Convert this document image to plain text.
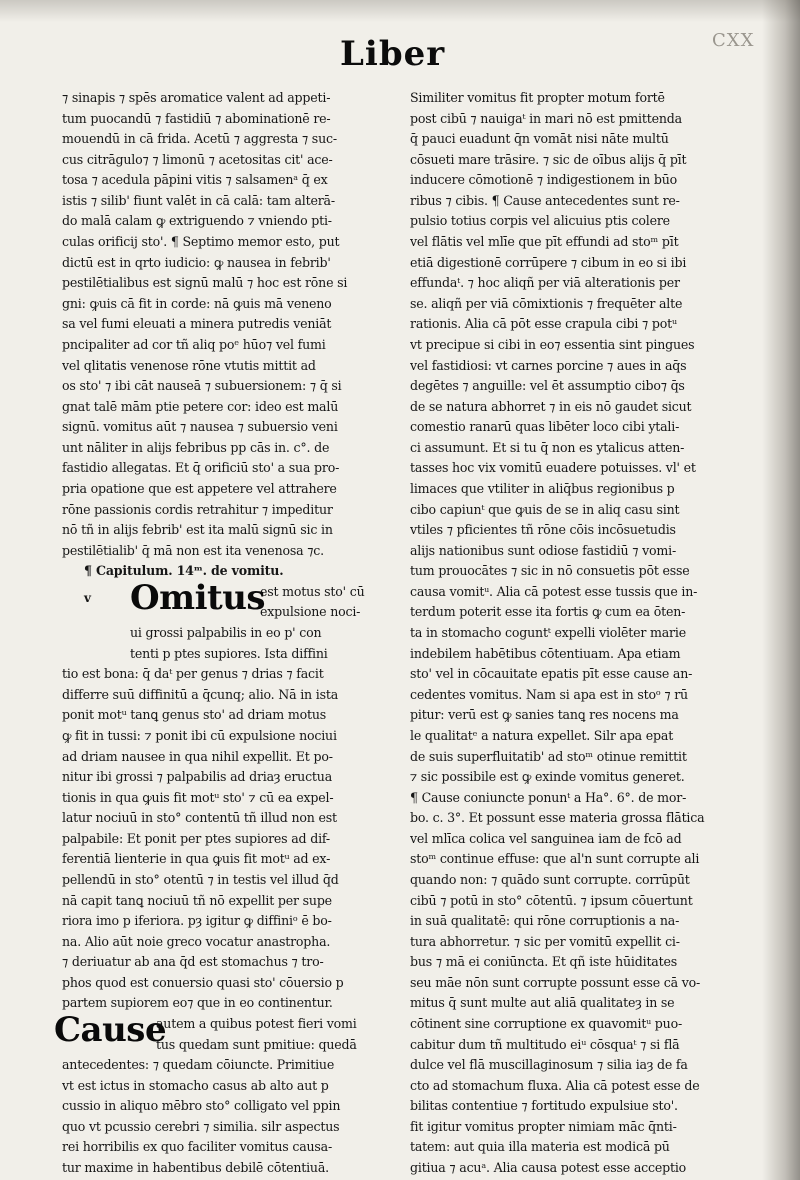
CXX
Liber
⁊ sinapis ⁊ spēs aromatice valent ad appeti-
tum puocandū ⁊ fastidiū ⁊ abominationē re-
mouendū in cā frida. Acetū ⁊ aggresta ⁊ suc-
cus citrāgulo⁊ ⁊ limonū ⁊ acetositas cit' ace-
tosa ⁊ acedula pāpini vitis ⁊ salsamenᵃ q̄ ex
istis ⁊ silib' fiunt valēt in cā calā: tam alterā-
do malā calam ꝙ extriguendo ⁊ vniendo pti-
culas orificij sto'. ¶ Septimo memor esto, put
dictū est in qrto iudicio: ꝙ nausea in febrib'
pestilētialibus est signū malū ⁊ hoc est rōne si
gni: ꝙuis cā fit in corde: nā ꝙuis mā veneno
sa vel fumi eleuati a minera putredis veniāt
pncipaliter ad cor tñ aliq poᵉ hūo⁊ vel fumi
vel qlitatis venenose rōne vtutis mittit ad
os sto' ⁊ ibi cāt nauseā ⁊ subuersionem: ⁊ q̄ si
gnat talē mām ptie petere cor: ideo est malū
signū. vomitus aūt ⁊ nausea ⁊ subuersio veni
unt nāliter in alijs febribus pp cās in. c°. de
fastidio allegatas. Et q̄ orificiū sto' a sua pro-
pria opatione que est appetere vel attrahere
rōne passionis cordis retrahitur ⁊ impeditur
nō tñ in alijs febrib' est ita malū signū sic in
pestilētialib' q̄ mā non est ita venenosa ⁊c.
¶ Capitulum. 14ᵐ. de vomitu.
v Omitus
est motus sto' cū
expulsione noci-
ui grossi palpabilis in eo p' con
tenti p ptes supiores. Ista diffini
tio est bona: q̄ daᵗ per genus ⁊ drias ⁊ facit
differre suū diffinitū a q̄cunq; alio. Nā in ista
ponit motᵘ tanꝗ genus sto' ad driam motus
ꝙ fit in tussi: ⁊ ponit ibi cū expulsione nociui
ad driam nausee in qua nihil expellit. Et po-
nitur ibi grossi ⁊ palpabilis ad driaȝ eructua
tionis in qua ꝙuis fit motᵘ sto' ⁊ cū ea expel-
latur nociuū in sto° contentū tñ illud non est
palpabile: Et ponit per ptes supiores ad dif-
ferentiā lienterie in qua ꝙuis fit motᵘ ad ex-
pellendū in sto° otentū ⁊ in testis vel illud q̄d
nā capit tanꝗ nociuū tñ nō expellit per supe
riora imo p iferiora. pȝ igitur ꝙ diffiniᵒ ē bo-
na. Alio aūt noie greco vocatur anastropha.
⁊ deriuatur ab ana q̄d est stomachus ⁊ tro-
phos quod est conuersio quasi sto' cōuersio p
partem supiorem eo⁊ que in eo continentur.
Cause
autem a quibus potest fieri vomi
tus quedam sunt pmitiue: quedā
antecedentes: ⁊ quedam cōiuncte. Primitiue
vt est ictus in stomacho casus ab alto aut p
cussio in aliquo mēbro sto° colligato vel ppin
quo vt pcussio cerebri ⁊ similia. silr aspectus
rei horribilis ex quo faciliter vomitus causa-
tur maxime in habentibus debilē cōtentiuā.
Similiter vomitus fit propter motum fortē
post cibū ⁊ nauigaᵗ in mari nō est pmittenda
q̄ pauci euadunt q̄n vomāt nisi nāte multū
cōsueti mare trāsire. ⁊ sic de oībus alijs q̄ pīt
inducere cōmotionē ⁊ indigestionem in būo
ribus ⁊ cibis. ¶ Cause antecedentes sunt re-
pulsio totius corpis vel alicuius ptis colere
vel flātis vel mlīe que pīt effundi ad stoᵐ pīt
etiā digestionē corrūpere ⁊ cibum in eo si ibi
effundaᵗ. ⁊ hoc aliqñ per viā alterationis per
se. aliqñ per viā cōmixtionis ⁊ frequēter alte
rationis. Alia cā pōt esse crapula cibi ⁊ potᵘ
vt precipue si cibi in eo⁊ essentia sint pingues
vel fastidiosi: vt carnes porcine ⁊ aues in aq̄s
degētes ⁊ anguille: vel ēt assumptio cibo⁊ q̄s
de se natura abhorret ⁊ in eis nō gaudet sicut
comestio ranarū quas libēter loco cibi ytali-
ci assumunt. Et si tu q̄ non es ytalicus atten-
tasses hoc vix vomitū euadere potuisses. vl' et
limaces que vtiliter in aliq̄bus regionibus p
cibo capiunᵗ que ꝙuis de se in aliq casu sint
vtiles ⁊ pficientes tñ rōne cōis incōsuetudis
alijs nationibus sunt odiose fastidiū ⁊ vomi-
tum prouocātes ⁊ sic in nō consuetis pōt esse
causa vomitᵘ. Alia cā potest esse tussis que in-
terdum poterit esse ita fortis ꝙ cum ea ōten-
ta in stomacho coguntᵗ expelli violēter marie
indebilem habētibus cōtentiuam. Apa etiam
sto' vel in cōcauitate epatis pīt esse cause an-
cedentes vomitus. Nam si apa est in stoᵒ ⁊ rū
pitur: verū est ꝙ sanies tanꝗ res nocens ma
le qualitatᵉ a natura expellet. Silr apa epat
de suis superfluitatib' ad stoᵐ otinue remittit
⁊ sic possibile est ꝙ exinde vomitus generet.
¶ Cause coniuncte ponunᵗ a Ha°. 6°. de mor-
bo. c. 3°. Et possunt esse materia grossa flātica
vel mlīca colica vel sanguinea iam de fcō ad
stoᵐ continue effuse: que al'n sunt corrupte ali
quando non: ⁊ quādo sunt corrupte. corrūpūt
cibū ⁊ potū in sto° cōtentū. ⁊ ipsum cōuertunt
in suā qualitatē: qui rōne corruptionis a na-
tura abhorretur. ⁊ sic per vomitū expellit ci-
bus ⁊ mā ei coniūncta. Et qñ iste hūiditates
seu māe nōn sunt corrupte possunt esse cā vo-
mitus q̄ sunt multe aut aliā qualitateȝ in se
cōtinent sine corruptione ex quavomitᵘ puo-
cabitur dum tñ multitudo eiᵘ cōsquaᵗ ⁊ si flā
dulce vel flā muscillaginosum ⁊ silia iaȝ de fa
cto ad stomachum fluxa. Alia cā potest esse de
bilitas contentiue ⁊ fortitudo expulsiue sto'.
fit igitur vomitus propter nimiam māc q̄nti-
tatem: aut quia illa materia est modicā pū
gitiua ⁊ acuᵃ. Alia causa potest esse acceptio
